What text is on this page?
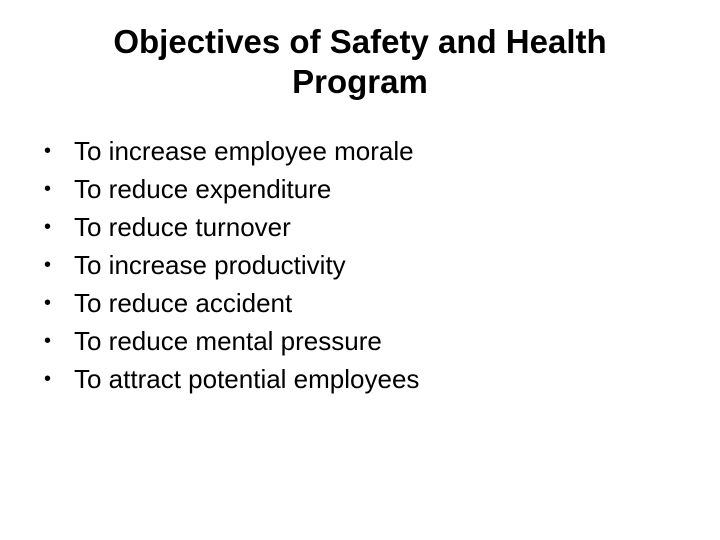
Objectives of Safety and Health
Program
• To increase employee morale
• To reduce expenditure
• To reduce turnover
• To increase productivity
• To reduce accident
• To reduce mental pressure
• To attract potential employees
